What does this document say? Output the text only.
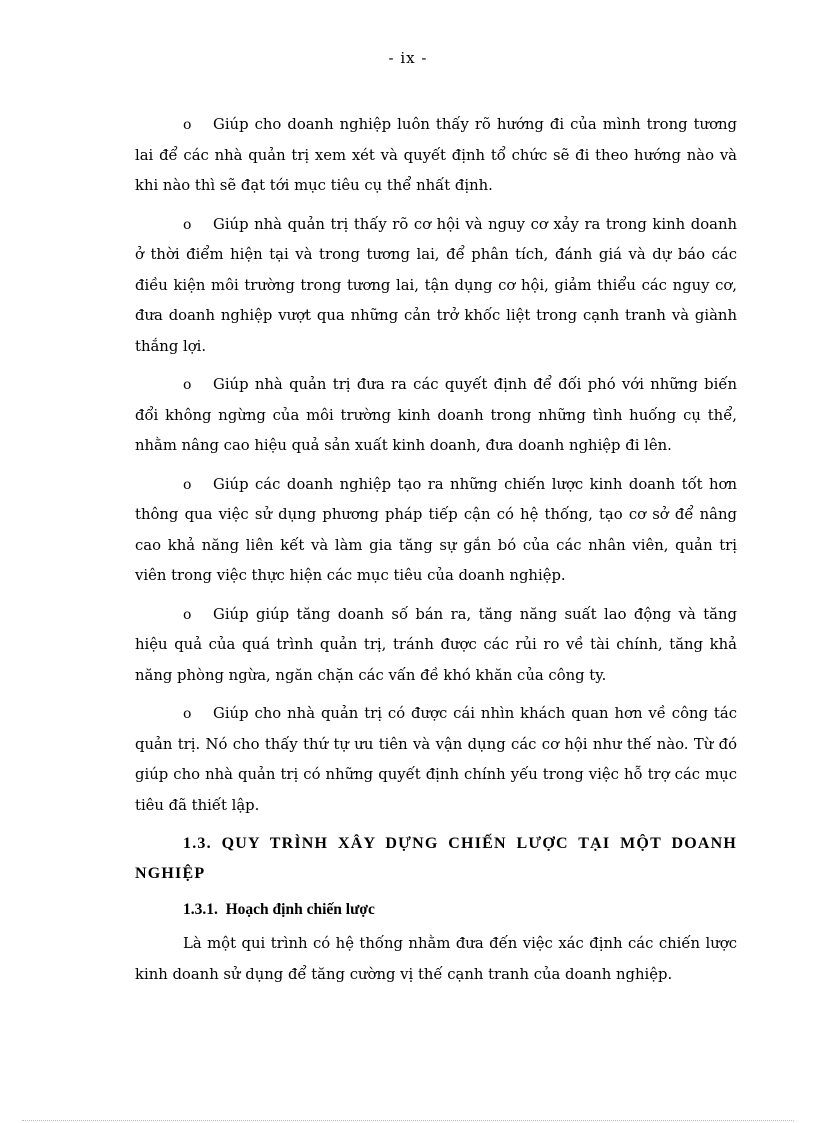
- ix -

o Giúp cho doanh nghiệp luôn thấy rõ hướng đi của mình trong tương lai để các nhà quản trị xem xét và quyết định tổ chức sẽ đi theo hướng nào và khi nào thì sẽ đạt tới mục tiêu cụ thể nhất định.

o Giúp nhà quản trị thấy rõ cơ hội và nguy cơ xảy ra trong kinh doanh ở thời điểm hiện tại và trong tương lai, để phân tích, đánh giá và dự báo các điều kiện môi trường trong tương lai, tận dụng cơ hội, giảm thiểu các nguy cơ, đưa doanh nghiệp vượt qua những cản trở khốc liệt trong cạnh tranh và giành thắng lợi.

o Giúp nhà quản trị đưa ra các quyết định để đối phó với những biến đổi không ngừng của môi trường kinh doanh trong những tình huống cụ thể, nhằm nâng cao hiệu quả sản xuất kinh doanh, đưa doanh nghiệp đi lên.

o Giúp các doanh nghiệp tạo ra những chiến lược kinh doanh tốt hơn thông qua việc sử dụng phương pháp tiếp cận có hệ thống, tạo cơ sở để nâng cao khả năng liên kết và làm gia tăng sự gắn bó của các nhân viên, quản trị viên trong việc thực hiện các mục tiêu của doanh nghiệp.

o Giúp giúp tăng doanh số bán ra, tăng năng suất lao động và tăng hiệu quả của quá trình quản trị, tránh được các rủi ro về tài chính, tăng khả năng phòng ngừa, ngăn chặn các vấn đề khó khăn của công ty.

o Giúp cho nhà quản trị có được cái nhìn khách quan hơn về công tác quản trị. Nó cho thấy thứ tự ưu tiên và vận dụng các cơ hội như thế nào. Từ đó giúp cho nhà quản trị có những quyết định chính yếu trong việc hỗ trợ các mục tiêu đã thiết lập.

1.3. QUY TRÌNH XÂY DỰNG CHIẾN LƯỢC TẠI MỘT DOANH NGHIỆP
1.3.1. Hoạch định chiến lược

Là một qui trình có hệ thống nhằm đưa đến việc xác định các chiến lược kinh doanh sử dụng để tăng cường vị thế cạnh tranh của doanh nghiệp.
